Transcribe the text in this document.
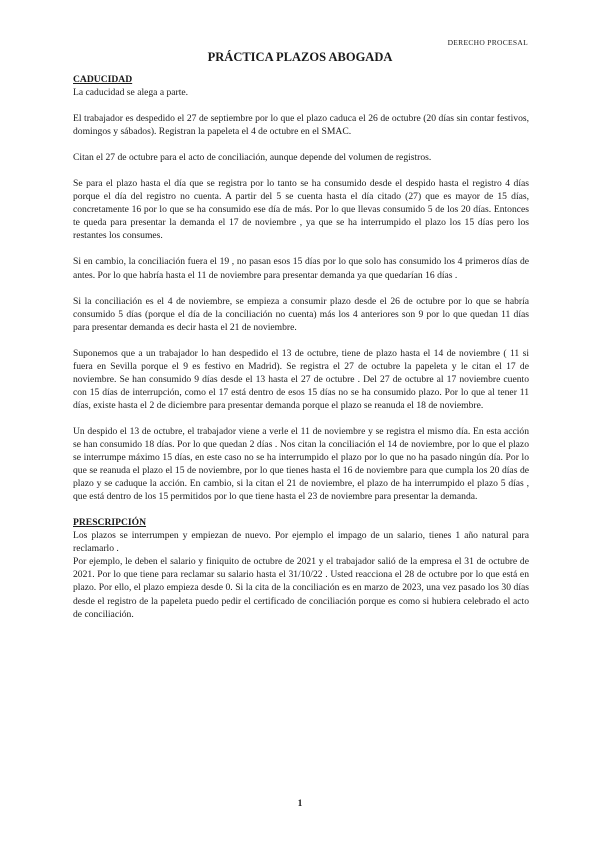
DERECHO PROCESAL
PRÁCTICA PLAZOS ABOGADA
CADUCIDAD

La caducidad se alega a parte.

El trabajador es despedido el 27 de septiembre por lo que el plazo caduca el 26 de octubre (20 días sin contar festivos, domingos y sábados). Registran la papeleta el 4 de octubre en el SMAC.

Citan el 27 de octubre para el acto de conciliación, aunque depende del volumen de registros.

Se para el plazo hasta el día que se registra por lo tanto se ha consumido desde el despido hasta el registro 4 días porque el día del registro no cuenta. A partir del 5 se cuenta hasta el día citado (27) que es mayor de 15 días, concretamente 16 por lo que se ha consumido ese día de más. Por lo que llevas consumido 5 de los 20 días. Entonces te queda para presentar la demanda el 17 de noviembre , ya que se ha interrumpido el plazo los 15 días pero los restantes los consumes.

Si en cambio, la conciliación fuera el 19 , no pasan esos 15 días por lo que solo has consumido los 4 primeros días de antes. Por lo que habría hasta el 11 de noviembre para presentar demanda ya que quedarían 16 días .

Si la conciliación es el 4 de noviembre, se empieza a consumir plazo desde el 26 de octubre por lo que se habría consumido 5 días (porque el día de la conciliación no cuenta) más los 4 anteriores son 9 por lo que quedan 11 días para presentar demanda es decir hasta el 21 de noviembre.

Suponemos que a un trabajador lo han despedido el 13 de octubre, tiene de plazo hasta el 14 de noviembre ( 11 si fuera en Sevilla porque el 9 es festivo en Madrid). Se registra el 27 de octubre la papeleta y le citan el 17 de noviembre. Se han consumido 9 días desde el 13 hasta el 27 de octubre . Del 27 de octubre al 17 noviembre cuento con 15 días de interrupción, como el 17 está dentro de esos 15 días no se ha consumido plazo. Por lo que al tener 11 días, existe hasta el 2 de diciembre para presentar demanda porque el plazo se reanuda el 18 de noviembre.

Un despido el 13 de octubre, el trabajador viene a verle el 11 de noviembre y se registra el mismo día. En esta acción se han consumido 18 días. Por lo que quedan 2 días . Nos citan la conciliación el 14 de noviembre, por lo que el plazo se interrumpe máximo 15 días, en este caso no se ha interrumpido el plazo por lo que no ha pasado ningún día. Por lo que se reanuda el plazo el 15 de noviembre, por lo que tienes hasta el 16 de noviembre para que cumpla los 20 días de plazo y se caduque la acción. En cambio, si la citan el 21 de noviembre, el plazo de ha interrumpido el plazo 5 días , que está dentro de los 15 permitidos por lo que tiene hasta el 23 de noviembre para presentar la demanda.

PRESCRIPCIÓN

Los plazos se interrumpen y empiezan de nuevo. Por ejemplo el impago de un salario, tienes 1 año natural para reclamarlo .

Por ejemplo, le deben el salario y finiquito de octubre de 2021 y el trabajador salió de la empresa el 31 de octubre de 2021. Por lo que tiene para reclamar su salario hasta el 31/10/22 . Usted reacciona el 28 de octubre por lo que está en plazo. Por ello, el plazo empieza desde 0. Si la cita de la conciliación es en marzo de 2023, una vez pasado los 30 días desde el registro de la papeleta puedo pedir el certificado de conciliación porque es como si hubiera celebrado el acto de conciliación.

1
